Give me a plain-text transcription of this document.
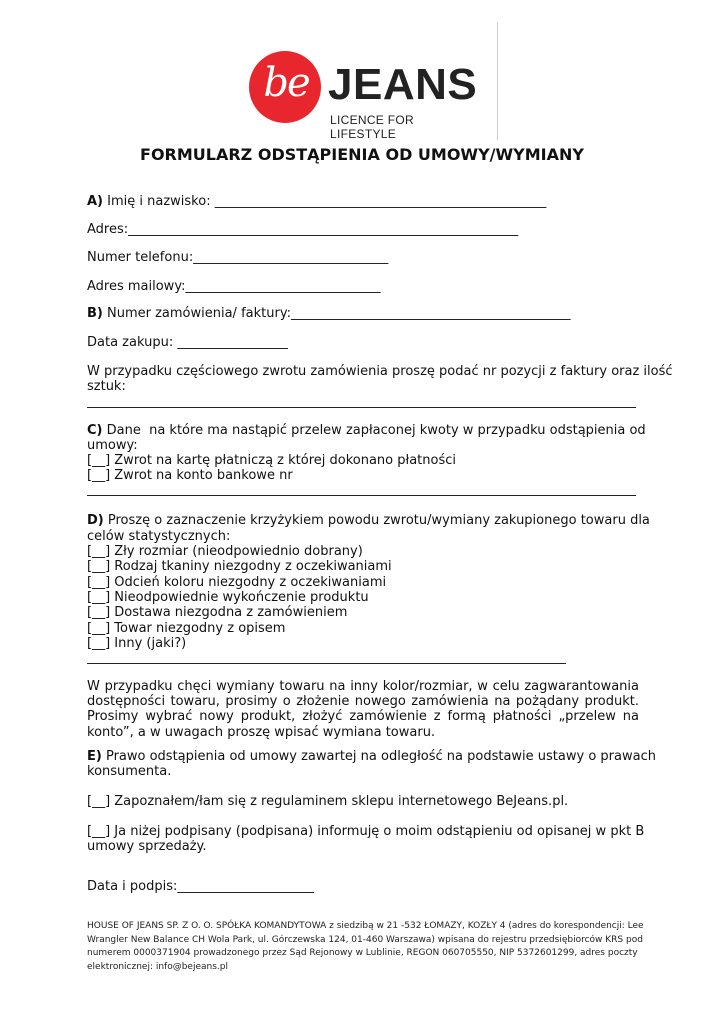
be JEANS
LICENCE FOR LIFESTYLE
FORMULARZ ODSTĄPIENIA OD UMOWY/WYMIANY
A) Imię i nazwisko: ___________________________________________________
Adres:____________________________________________________________
Numer telefonu:______________________________
Adres mailowy:______________________________
B) Numer zamówienia/ faktury:___________________________________________
Data zakupu: _________________
W przypadku częściowego zwrotu zamówienia proszę podać nr pozycji z faktury oraz ilość
sztuk:
C) Dane  na które ma nastąpić przelew zapłaconej kwoty w przypadku odstąpienia od
umowy:
[__] Zwrot na kartę płatniczą z której dokonano płatności
[__] Zwrot na konto bankowe nr
D) Proszę o zaznaczenie krzyżykiem powodu zwrotu/wymiany zakupionego towaru dla
celów statystycznych:
[__] Zły rozmiar (nieodpowiednio dobrany)
[__] Rodzaj tkaniny niezgodny z oczekiwaniami
[__] Odcień koloru niezgodny z oczekiwaniami
[__] Nieodpowiednie wykończenie produktu
[__] Dostawa niezgodna z zamówieniem
[__] Towar niezgodny z opisem
[__] Inny (jaki?)
W przypadku chęci wymiany towaru na inny kolor/rozmiar, w celu zagwarantowania dostępności towaru, prosimy o złożenie nowego zamówienia na pożądany produkt. Prosimy wybrać nowy produkt, złożyć zamówienie z formą płatności „przelew na konto”, a w uwagach proszę wpisać wymiana towaru.
E) Prawo odstąpienia od umowy zawartej na odległość na podstawie ustawy o prawach
konsumenta.
[__] Zapoznałem/łam się z regulaminem sklepu internetowego BeJeans.pl.
[__] Ja niżej podpisany (podpisana) informuję o moim odstąpieniu od opisanej w pkt B
umowy sprzedaży.
Data i podpis:_____________________
HOUSE OF JEANS SP. Z O. O. SPÓŁKA KOMANDYTOWA z siedzibą w 21 -532 ŁOMAZY, KOZŁY 4 (adres do korespondencji: Lee Wrangler New Balance CH Wola Park, ul. Górczewska 124, 01-460 Warszawa) wpisana do rejestru przedsiębiorców KRS pod numerem 0000371904 prowadzonego przez Sąd Rejonowy w Lublinie, REGON 060705550, NIP 5372601299, adres poczty elektronicznej: info@bejeans.pl
